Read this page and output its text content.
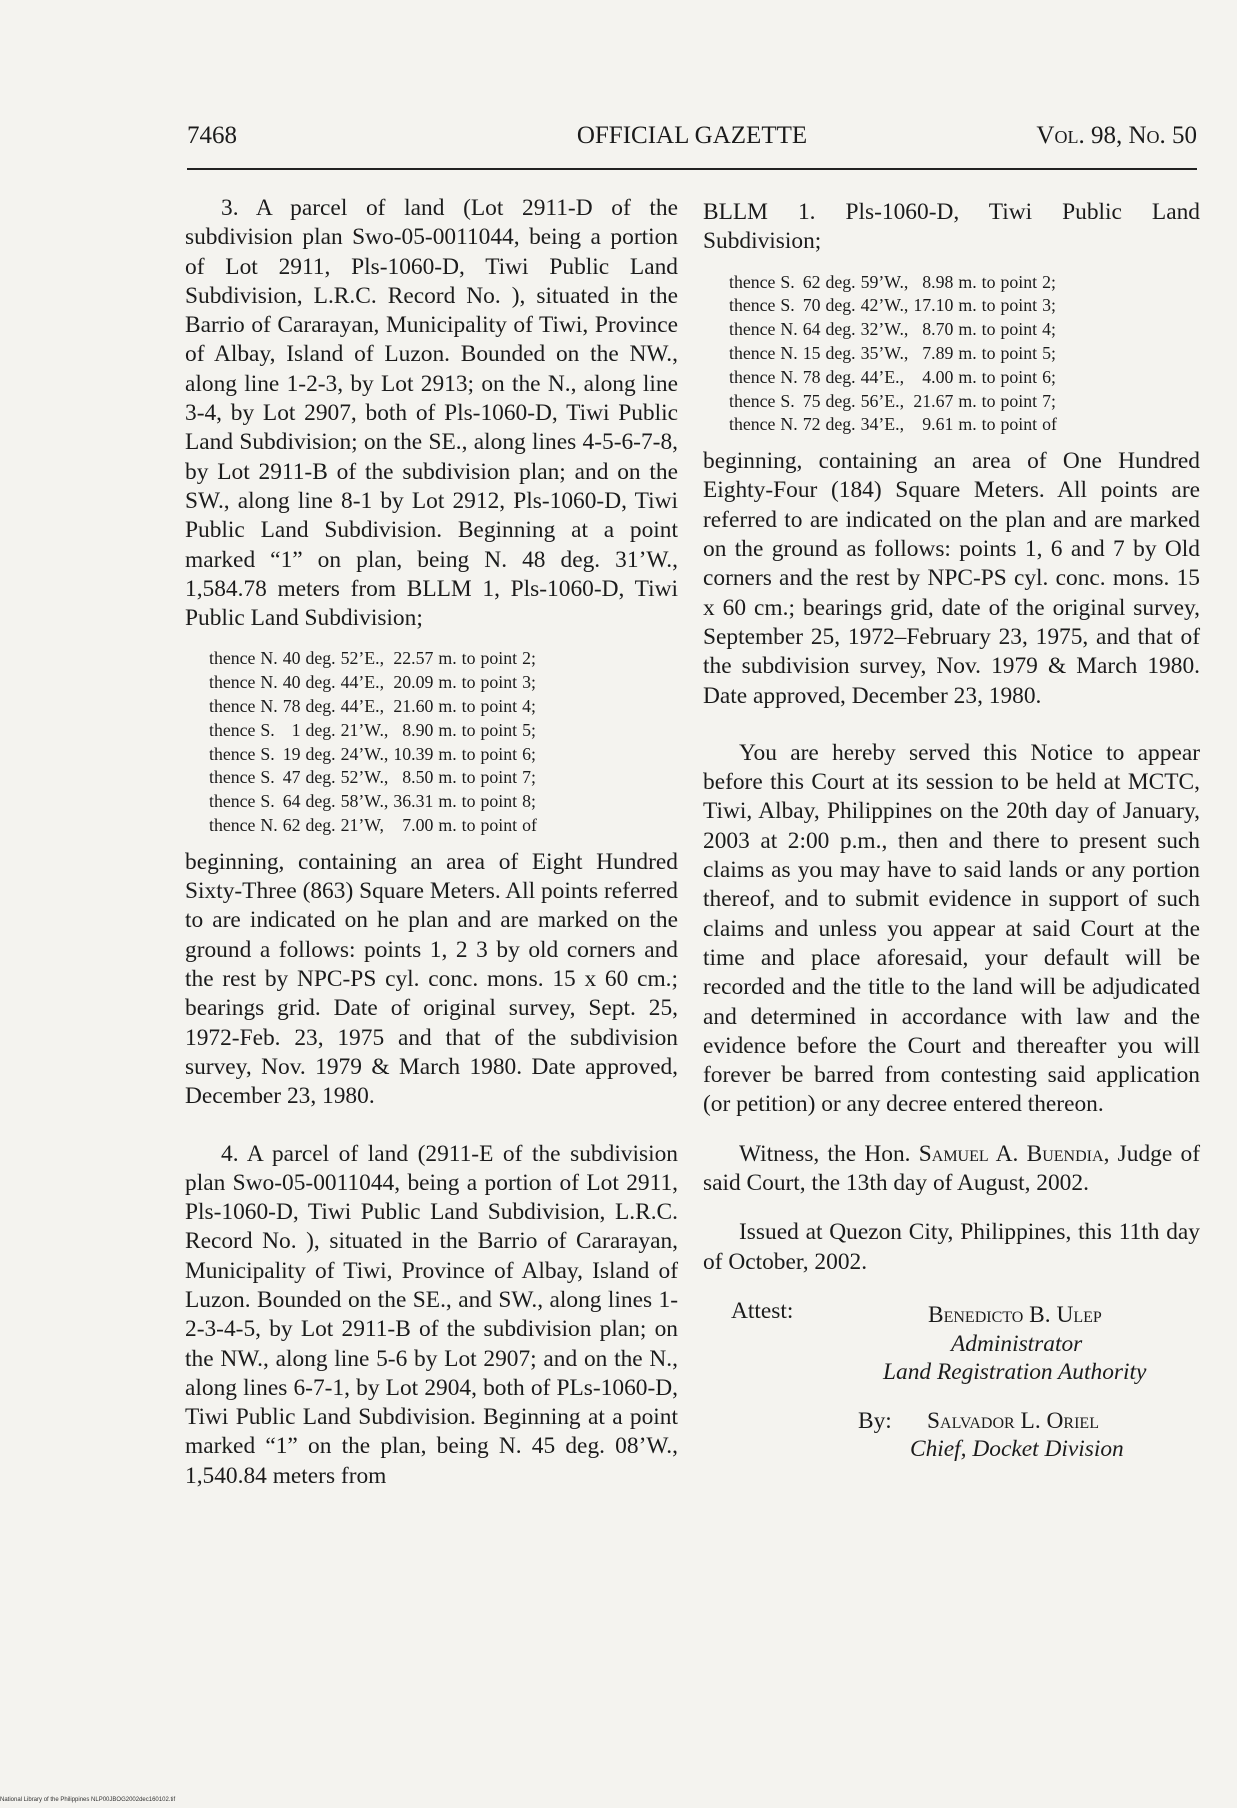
7468	OFFICIAL GAZETTE	Vol. 98, No. 50

3. A parcel of land (Lot 2911-D of the subdivision plan Swo-05-0011044, being a portion of Lot 2911, Pls-1060-D, Tiwi Public Land Subdivision, L.R.C. Record No. ), situated in the Barrio of Cararayan, Municipality of Tiwi, Province of Albay, Island of Luzon. Bounded on the NW., along line 1-2-3, by Lot 2913; on the N., along line 3-4, by Lot 2907, both of Pls-1060-D, Tiwi Public Land Subdivision; on the SE., along lines 4-5-6-7-8, by Lot 2911-B of the subdivision plan; and on the SW., along line 8-1 by Lot 2912, Pls-1060-D, Tiwi Public Land Subdivision. Beginning at a point marked “1” on plan, being N. 48 deg. 31’W., 1,584.78 meters from BLLM 1, Pls-1060-D, Tiwi Public Land Subdivision;

thence	N.	40	deg.	52’E.,	22.57	m.	to	point	2;
thence	N.	40	deg.	44’E.,	20.09	m.	to	point	3;
thence	N.	78	deg.	44’E.,	21.60	m.	to	point	4;
thence	S.	1	deg.	21’W.,	8.90	m.	to	point	5;
thence	S.	19	deg.	24’W.,	10.39	m.	to	point	6;
thence	S.	47	deg.	52’W.,	8.50	m.	to	point	7;
thence	S.	64	deg.	58’W.,	36.31	m.	to	point	8;
thence	N.	62	deg.	21’W,	7.00	m.	to	point	of

beginning, containing an area of Eight Hundred Sixty-Three (863) Square Meters. All points referred to are indicated on he plan and are marked on the ground a follows: points 1, 2 3 by old corners and the rest by NPC-PS cyl. conc. mons. 15 x 60 cm.; bearings grid. Date of original survey, Sept. 25, 1972-Feb. 23, 1975 and that of the subdivision survey, Nov. 1979 & March 1980. Date approved, December 23, 1980.

4. A parcel of land (2911-E of the subdivision plan Swo-05-0011044, being a portion of Lot 2911, Pls-1060-D, Tiwi Public Land Subdivision, L.R.C. Record No. ), situated in the Barrio of Cararayan, Municipality of Tiwi, Province of Albay, Island of Luzon. Bounded on the SE., and SW., along lines 1-2-3-4-5, by Lot 2911-B of the subdivision plan; on the NW., along line 5-6 by Lot 2907; and on the N., along lines 6-7-1, by Lot 2904, both of PLs-1060-D, Tiwi Public Land Subdivision. Beginning at a point marked “1” on the plan, being N. 45 deg. 08’W., 1,540.84 meters from

BLLM 1. Pls-1060-D, Tiwi Public Land Subdivision;

thence	S.	62	deg.	59’W.,	8.98	m.	to	point	2;
thence	S.	70	deg.	42’W.,	17.10	m.	to	point	3;
thence	N.	64	deg.	32’W.,	8.70	m.	to	point	4;
thence	N.	15	deg.	35’W.,	7.89	m.	to	point	5;
thence	N.	78	deg.	44’E.,	4.00	m.	to	point	6;
thence	S.	75	deg.	56’E.,	21.67	m.	to	point	7;
thence	N.	72	deg.	34’E.,	9.61	m.	to	point	of

beginning, containing an area of One Hundred Eighty-Four (184) Square Meters. All points are referred to are indicated on the plan and are marked on the ground as follows: points 1, 6 and 7 by Old corners and the rest by NPC-PS cyl. conc. mons. 15 x 60 cm.; bearings grid, date of the original survey, September 25, 1972–February 23, 1975, and that of the subdivision survey, Nov. 1979 & March 1980. Date approved, December 23, 1980.

You are hereby served this Notice to appear before this Court at its session to be held at MCTC, Tiwi, Albay, Philippines on the 20th day of January, 2003 at 2:00 p.m., then and there to present such claims as you may have to said lands or any portion thereof, and to submit evidence in support of such claims and unless you appear at said Court at the time and place aforesaid, your default will be recorded and the title to the land will be adjudicated and determined in accordance with law and the evidence before the Court and thereafter you will forever be barred from contesting said application (or petition) or any decree entered thereon.

Witness, the Hon. Samuel A. Buendia, Judge of said Court, the 13th day of August, 2002.

Issued at Quezon City, Philippines, this 11th day of October, 2002.

Attest:	Benedicto B. Ulep
Administrator
Land Registration Authority
By: Salvador L. Oriel
Chief, Docket Division
National Library of the Philippines NLP00JBOG2002dec160102.tif
